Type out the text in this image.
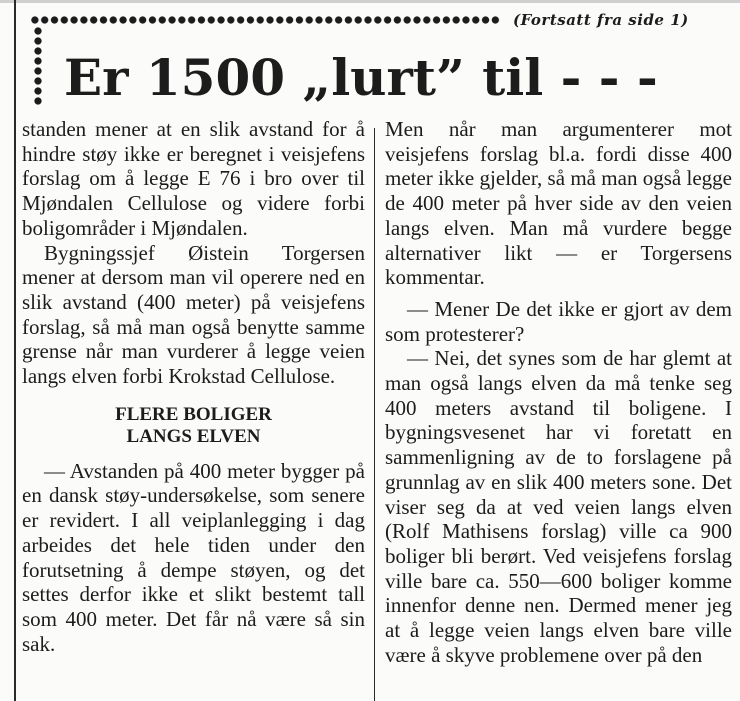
(Fortsatt fra side 1)
Er 1500 „lurt” til - - -

standen mener at en slik avstand for å hindre støy ikke er beregnet i veisjefens forslag om å legge E 76 i bro over til Mjøndalen Cellulose og videre forbi boligområder i Mjøndalen.

Bygningssjef Øistein Torgersen mener at dersom man vil operere ned en slik avstand (400 meter) på veisjefens forslag, så må man også benytte samme grense når man vurderer å legge veien langs elven forbi Krokstad Cellulose.

FLERE BOLIGER
LANGS ELVEN

— Avstanden på 400 meter bygger på en dansk støy-undersøkelse, som senere er revidert. I all veiplanlegging i dag arbeides det hele tiden under den forutsetning å dempe støyen, og det settes derfor ikke et slikt bestemt tall som 400 meter. Det får nå være så sin sak.

Men når man argumenterer mot veisjefens forslag bl.a. fordi disse 400 meter ikke gjelder, så må man også legge de 400 meter på hver side av den veien langs elven. Man må vurdere begge alternativer likt — er Torgersens kommentar.

— Mener De det ikke er gjort av dem som protesterer?

— Nei, det synes som de har glemt at man også langs elven da må tenke seg 400 meters avstand til boligene. I bygningsvesenet har vi foretatt en sammenligning av de to forslagene på grunnlag av en slik 400 meters sone. Det viser seg da at ved veien langs elven (Rolf Mathisens forslag) ville ca 900 boliger bli berørt. Ved veisjefens forslag ville bare ca. 550—600 boliger komme innenfor denne nen. Dermed mener jeg at å legge veien langs elven bare ville være å skyve problemene over på den
